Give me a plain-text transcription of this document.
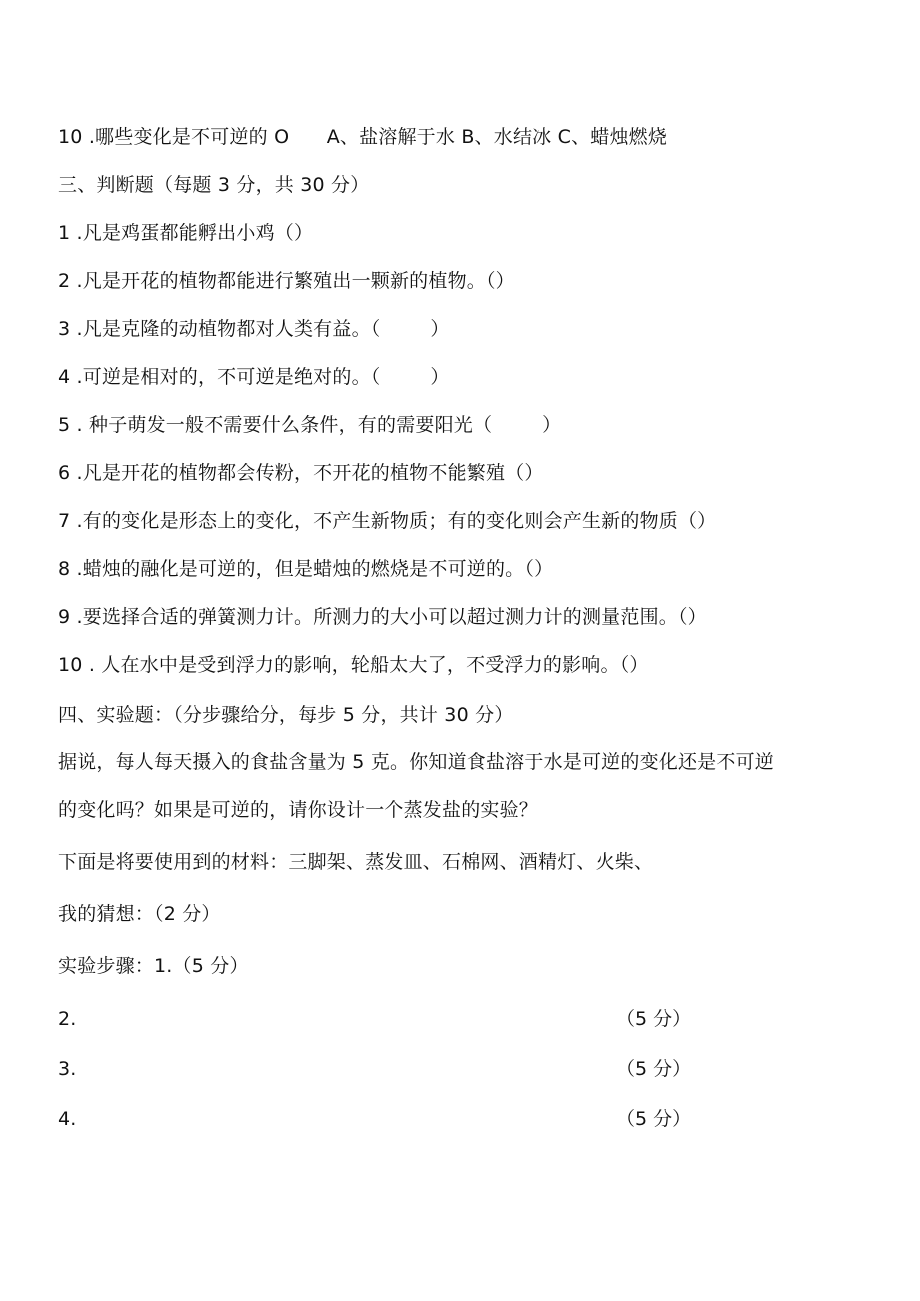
10 .哪些变化是不可逆的 O      A、盐溶解于水 B、水结冰 C、蜡烛燃烧
三、判断题（每题 3 分，共 30 分）
1 .凡是鸡蛋都能孵出小鸡（）
2 .凡是开花的植物都能进行繁殖出一颗新的植物。（）
3 .凡是克隆的动植物都对人类有益。（        ）
4 .可逆是相对的，不可逆是绝对的。（        ）
5 . 种子萌发一般不需要什么条件，有的需要阳光（        ）
6 .凡是开花的植物都会传粉，不开花的植物不能繁殖（）
7 .有的变化是形态上的变化，不产生新物质；有的变化则会产生新的物质（）
8 .蜡烛的融化是可逆的，但是蜡烛的燃烧是不可逆的。（）
9 .要选择合适的弹簧测力计。所测力的大小可以超过测力计的测量范围。（）
10 . 人在水中是受到浮力的影响，轮船太大了，不受浮力的影响。（）
四、实验题：（分步骤给分，每步 5 分，共计 30 分）
据说，每人每天摄入的食盐含量为 5 克。你知道食盐溶于水是可逆的变化还是不可逆
的变化吗？如果是可逆的，请你设计一个蒸发盐的实验？
下面是将要使用到的材料：三脚架、蒸发皿、石棉网、酒精灯、火柴、
我的猜想：（2 分）
实验步骤：1.（5 分）
2.	（5 分）
3.	（5 分）
4.	（5 分）
